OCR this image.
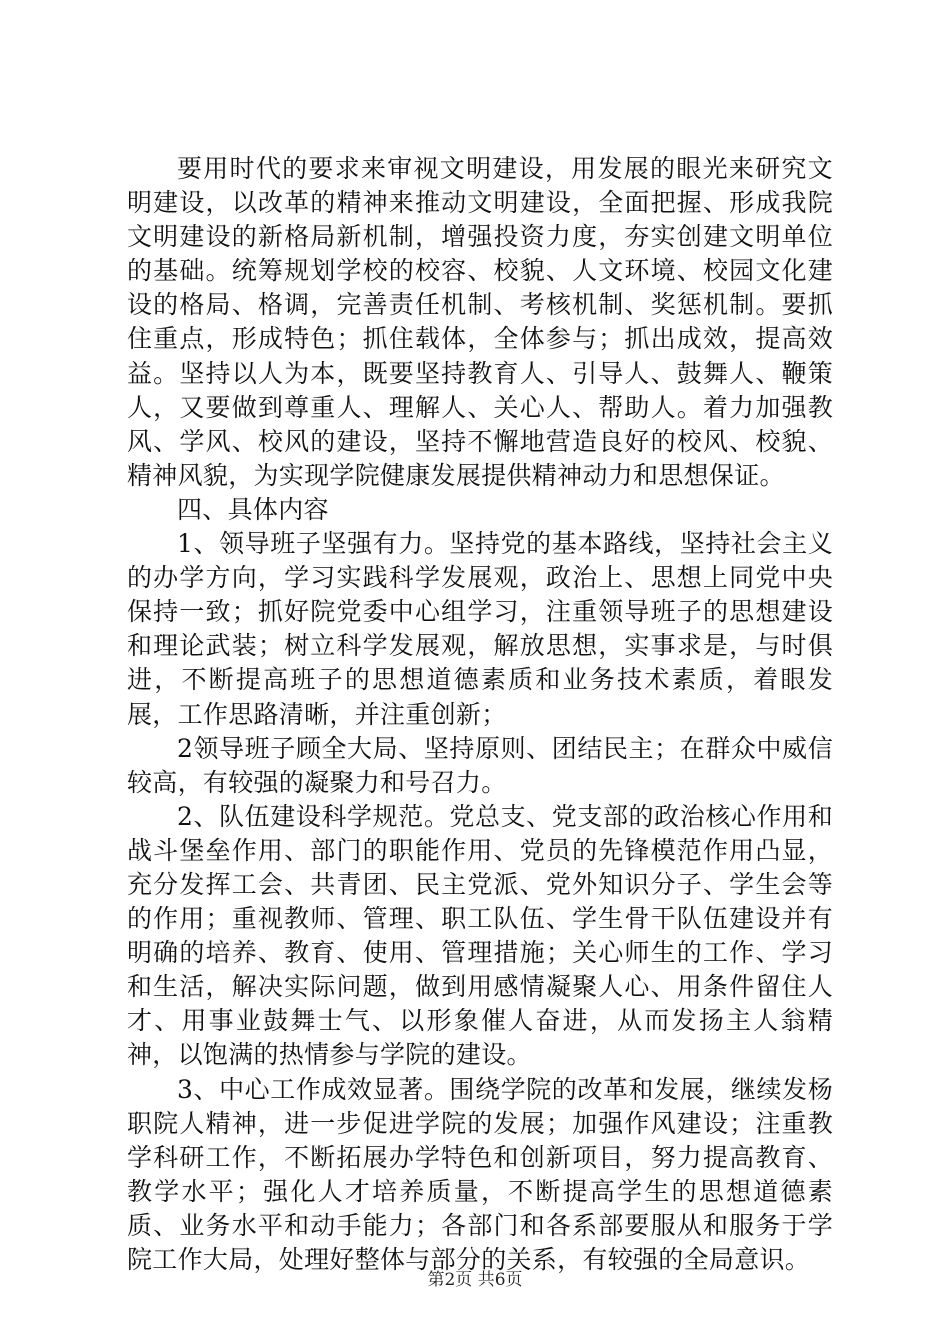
要用时代的要求来审视文明建设，用发展的眼光来研究文明建设，以改革的精神来推动文明建设，全面把握、形成我院文明建设的新格局新机制，增强投资力度，夯实创建文明单位的基础。统筹规划学校的校容、校貌、人文环境、校园文化建设的格局、格调，完善责任机制、考核机制、奖惩机制。要抓住重点，形成特色；抓住载体，全体参与；抓出成效，提高效益。坚持以人为本，既要坚持教育人、引导人、鼓舞人、鞭策人，又要做到尊重人、理解人、关心人、帮助人。着力加强教风、学风、校风的建设，坚持不懈地营造良好的校风、校貌、精神风貌，为实现学院健康发展提供精神动力和思想保证。

四、具体内容

1、领导班子坚强有力。坚持党的基本路线，坚持社会主义的办学方向，学习实践科学发展观，政治上、思想上同党中央保持一致；抓好院党委中心组学习，注重领导班子的思想建设和理论武装；树立科学发展观，解放思想，实事求是，与时俱进，不断提高班子的思想道德素质和业务技术素质，着眼发展，工作思路清晰，并注重创新；

2领导班子顾全大局、坚持原则、团结民主；在群众中威信较高，有较强的凝聚力和号召力。

2、队伍建设科学规范。党总支、党支部的政治核心作用和战斗堡垒作用、部门的职能作用、党员的先锋模范作用凸显，充分发挥工会、共青团、民主党派、党外知识分子、学生会等的作用；重视教师、管理、职工队伍、学生骨干队伍建设并有明确的培养、教育、使用、管理措施；关心师生的工作、学习和生活，解决实际问题，做到用感情凝聚人心、用条件留住人才、用事业鼓舞士气、以形象催人奋进，从而发扬主人翁精神，以饱满的热情参与学院的建设。

3、中心工作成效显著。围绕学院的改革和发展，继续发杨职院人精神，进一步促进学院的发展；加强作风建设；注重教学科研工作，不断拓展办学特色和创新项目，努力提高教育、教学水平；强化人才培养质量，不断提高学生的思想道德素质、业务水平和动手能力；各部门和各系部要服从和服务于学院工作大局，处理好整体与部分的关系，有较强的全局意识。

第2页 共6页
